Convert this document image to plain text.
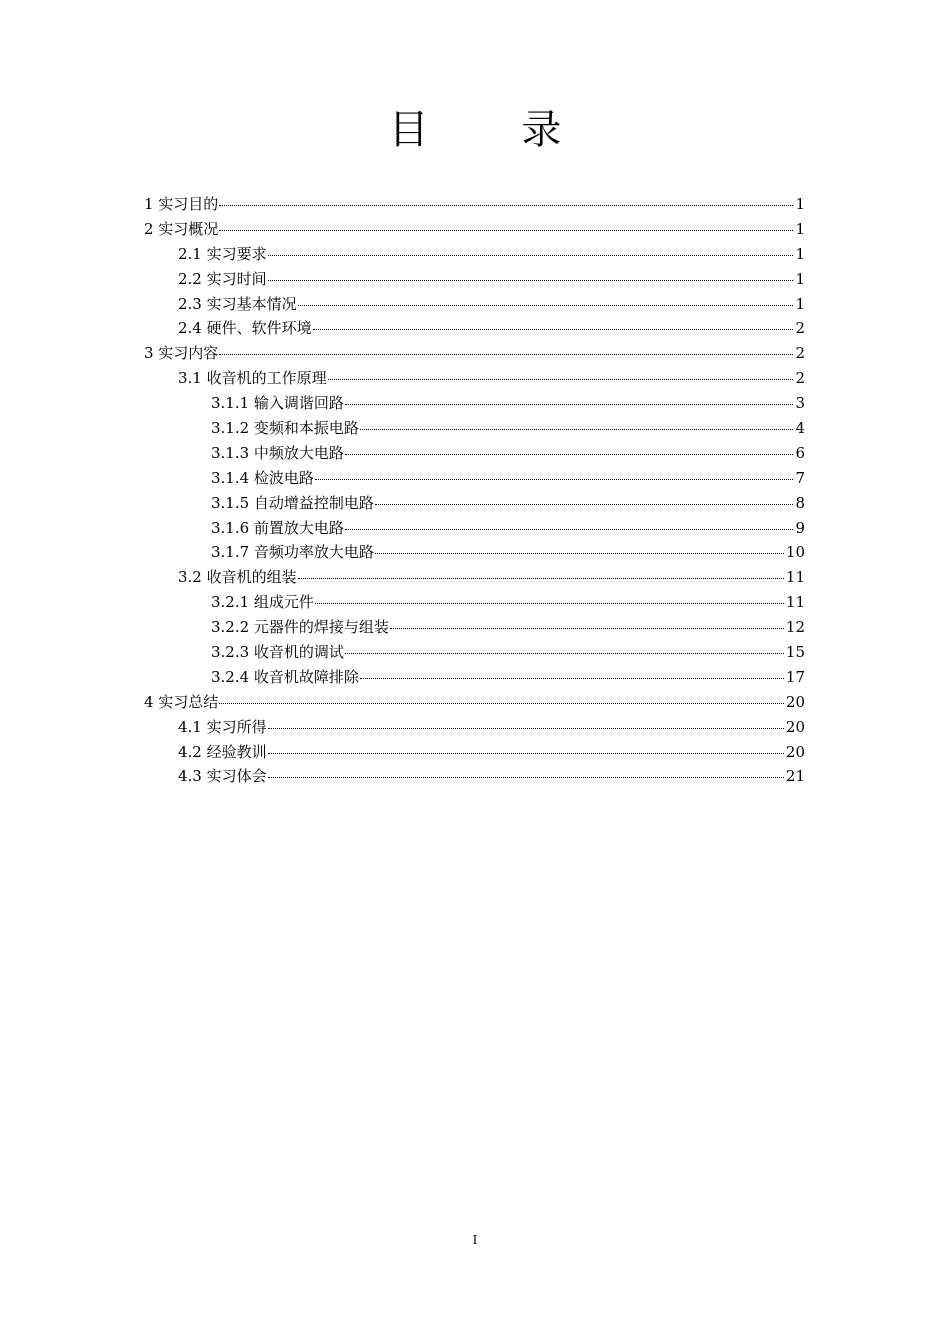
目 录
1 实习目的	1
2 实习概况	1
2.1 实习要求	1
2.2 实习时间	1
2.3 实习基本情况	1
2.4 硬件、软件环境	2
3 实习内容	2
3.1 收音机的工作原理	2
3.1.1 输入调谐回路	3
3.1.2 变频和本振电路	4
3.1.3 中频放大电路	6
3.1.4 检波电路	7
3.1.5 自动增益控制电路	8
3.1.6 前置放大电路	9
3.1.7 音频功率放大电路	10
3.2 收音机的组装	11
3.2.1 组成元件	11
3.2.2 元器件的焊接与组装	12
3.2.3 收音机的调试	15
3.2.4 收音机故障排除	17
4 实习总结	20
4.1 实习所得	20
4.2 经验教训	20
4.3 实习体会	21
I
